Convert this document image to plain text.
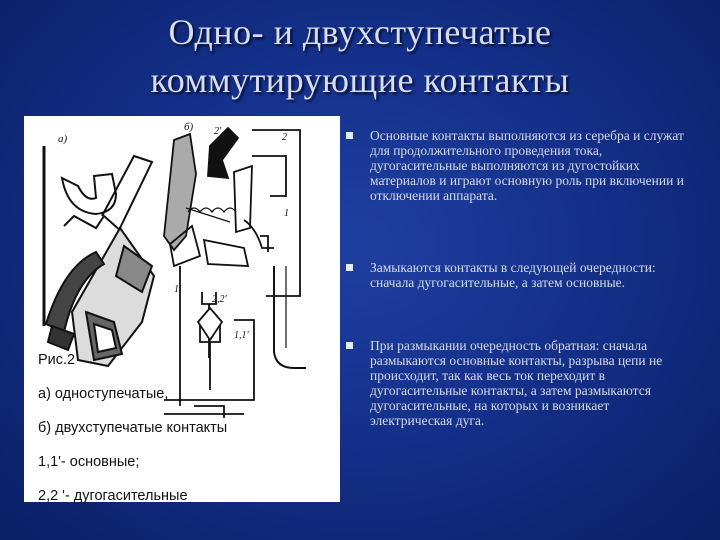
Одно- и двухступечатые
коммутирующие контакты
а)
б) 2'
2
1'
1
2,2'
1,1'
Рис.2
а) одноступечатые,
б) двухступечатые контакты
1,1'- основные;
2,2 '- дугогасительные
Основные контакты выполняются из серебра и служат для продолжительного проведения тока, дугогасительные выполняются из дугостойких материалов и играют основную роль при включении и отключении аппарата.
Замыкаются контакты в следующей очередности: сначала дугогасительные, а затем основные.
При размыкании очередность обратная: сначала размыкаются основные контакты, разрыва цепи не происходит, так как весь ток переходит в дугогасительные контакты, а затем размыкаются дугогасительные, на которых и возникает электрическая дуга.
